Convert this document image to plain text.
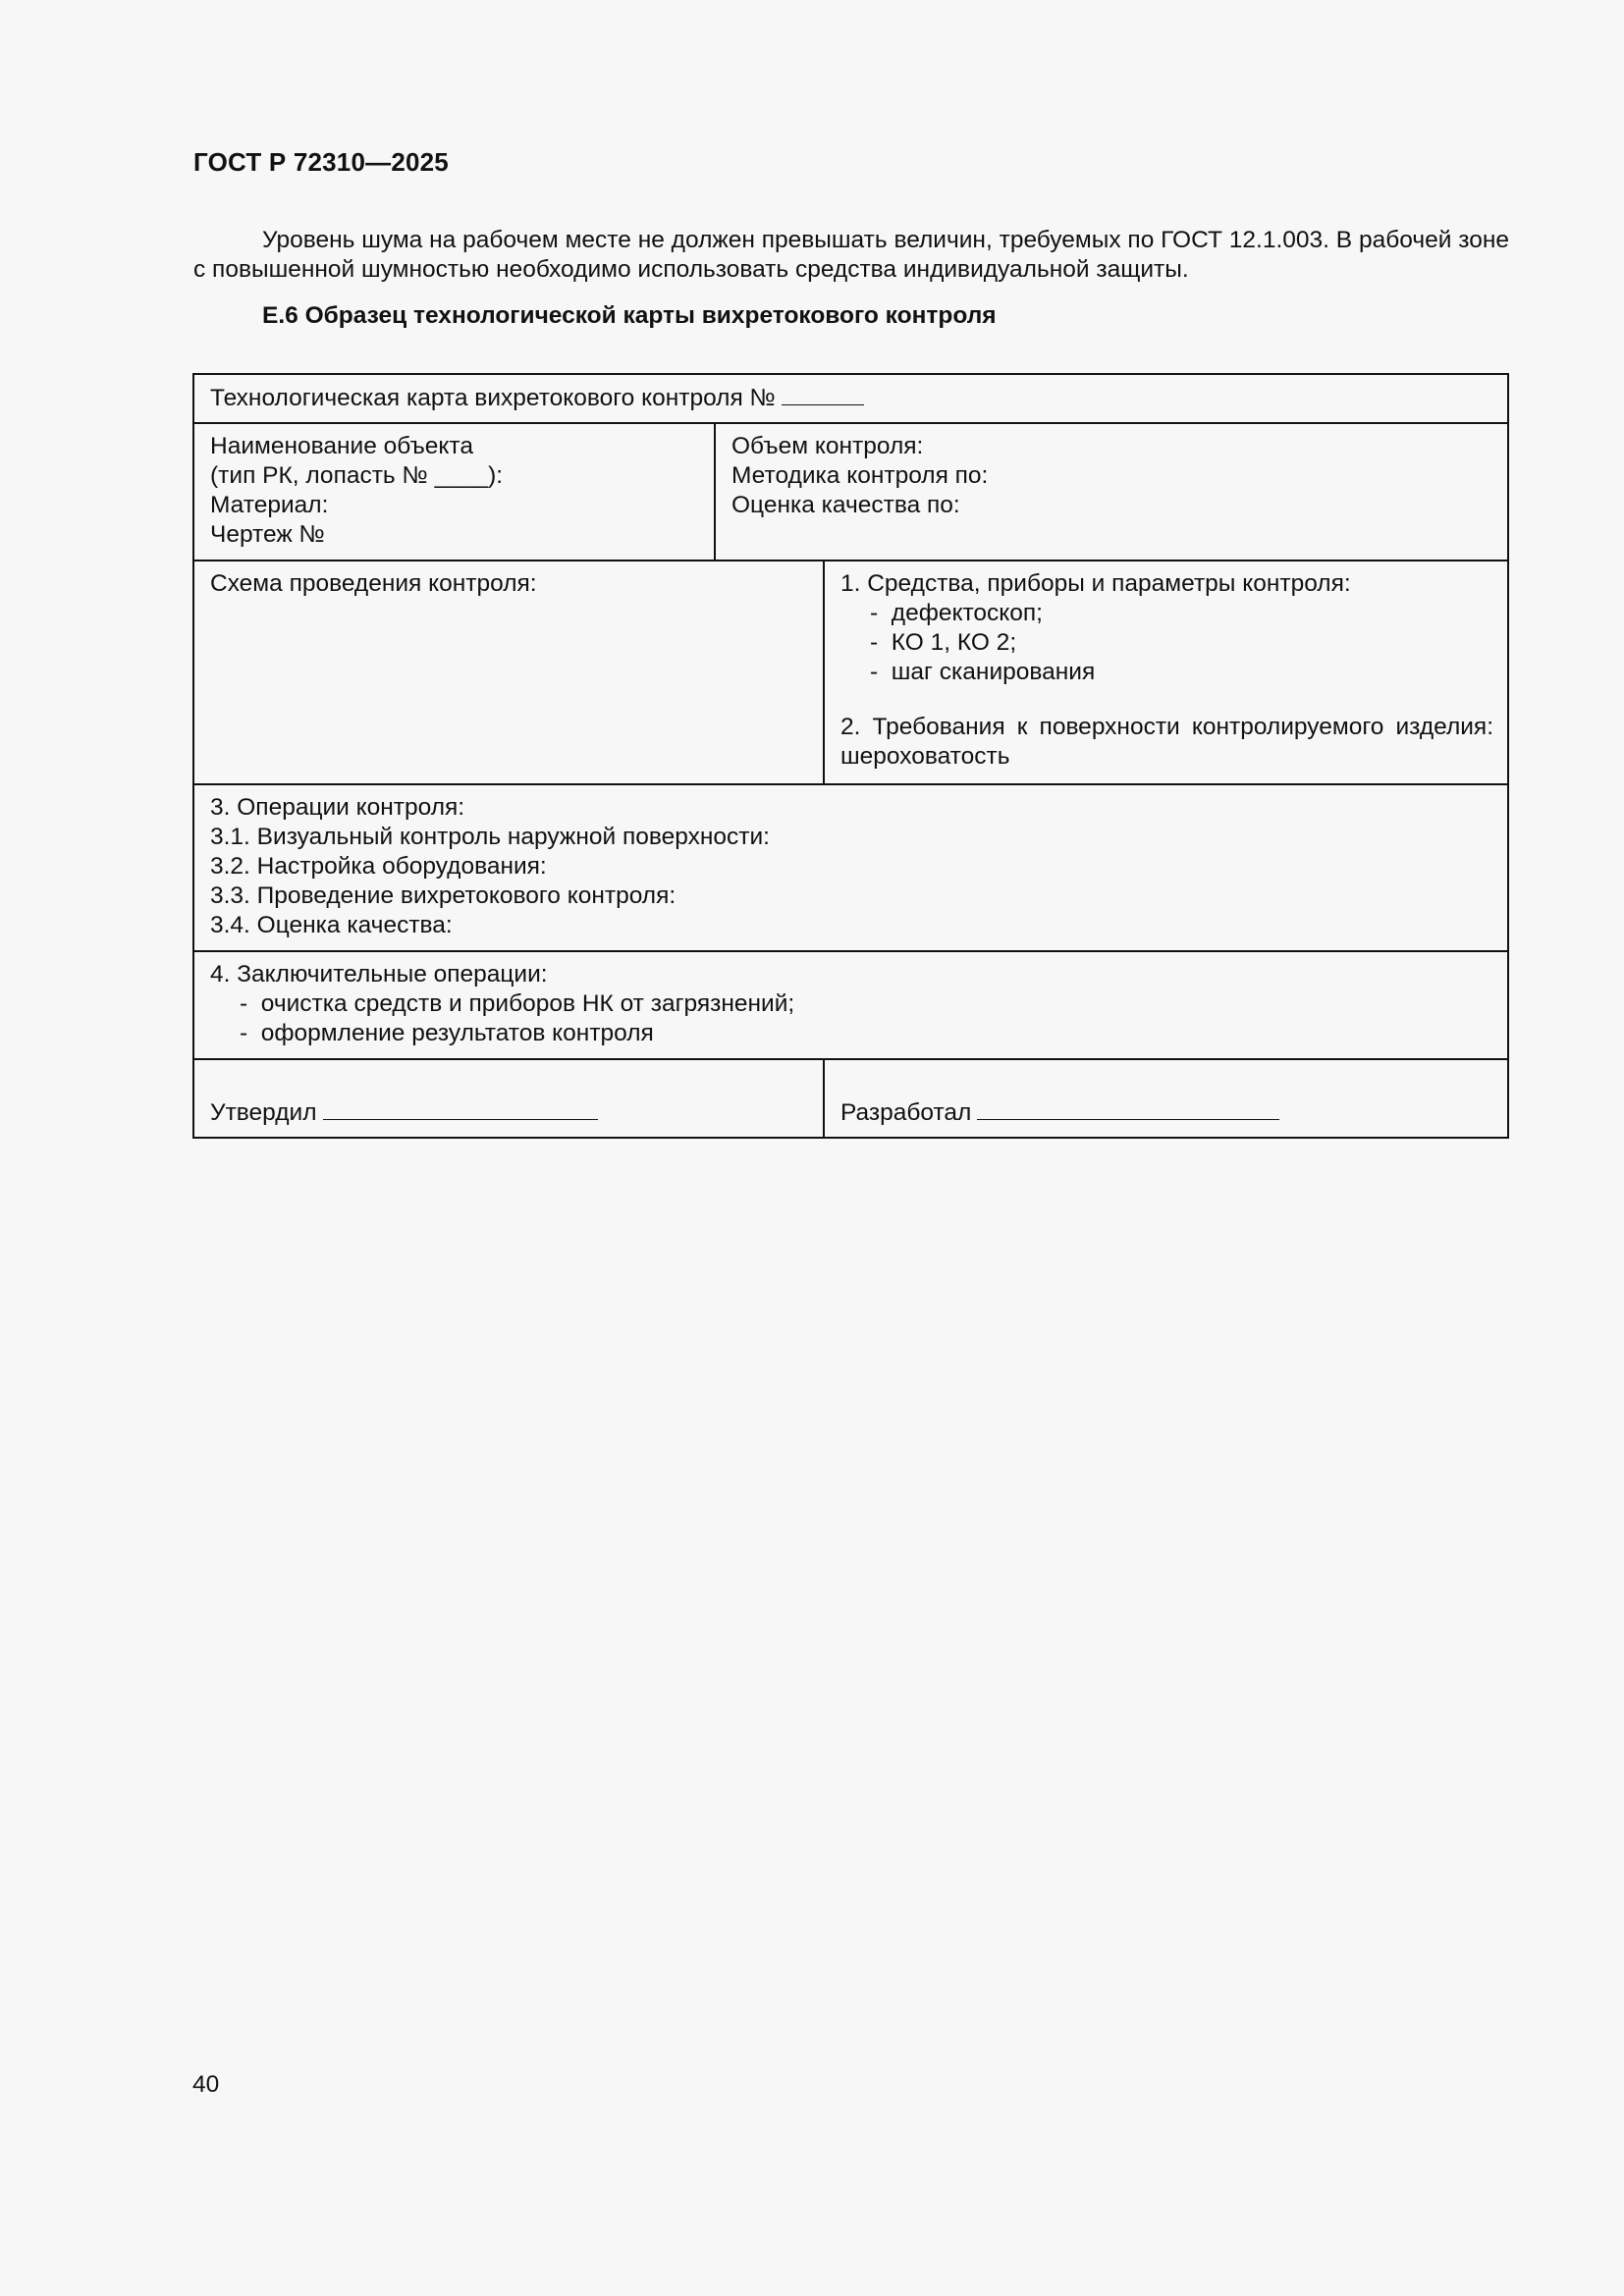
ГОСТ Р 72310—2025

Уровень шума на рабочем месте не должен превышать величин, требуемых по ГОСТ 12.1.003. В рабочей зоне с повышенной шумностью необходимо использовать средства индивидуальной защиты.

Е.6 Образец технологической карты вихретокового контроля
Технологическая карта вихретокового контроля №
Наименование объекта
(тип РК, лопасть № ____):
Материал:
Чертеж №
Объем контроля:
Методика контроля по:
Оценка качества по:
Схема проведения контроля:	1. Средства, приборы и параметры контроля:
-  дефектоскоп;
-  КО 1, КО 2;
-  шаг сканирования
2. Требования к поверхности контролируемого изделия:
шероховатость
3. Операции контроля:
3.1. Визуальный контроль наружной поверхности:
3.2. Настройка оборудования:
3.3. Проведение вихретокового контроля:
3.4. Оценка качества:
4. Заключительные операции:
-  очистка средств и приборов НК от загрязнений;
-  оформление результатов контроля
Утвердил	Разработал
40
